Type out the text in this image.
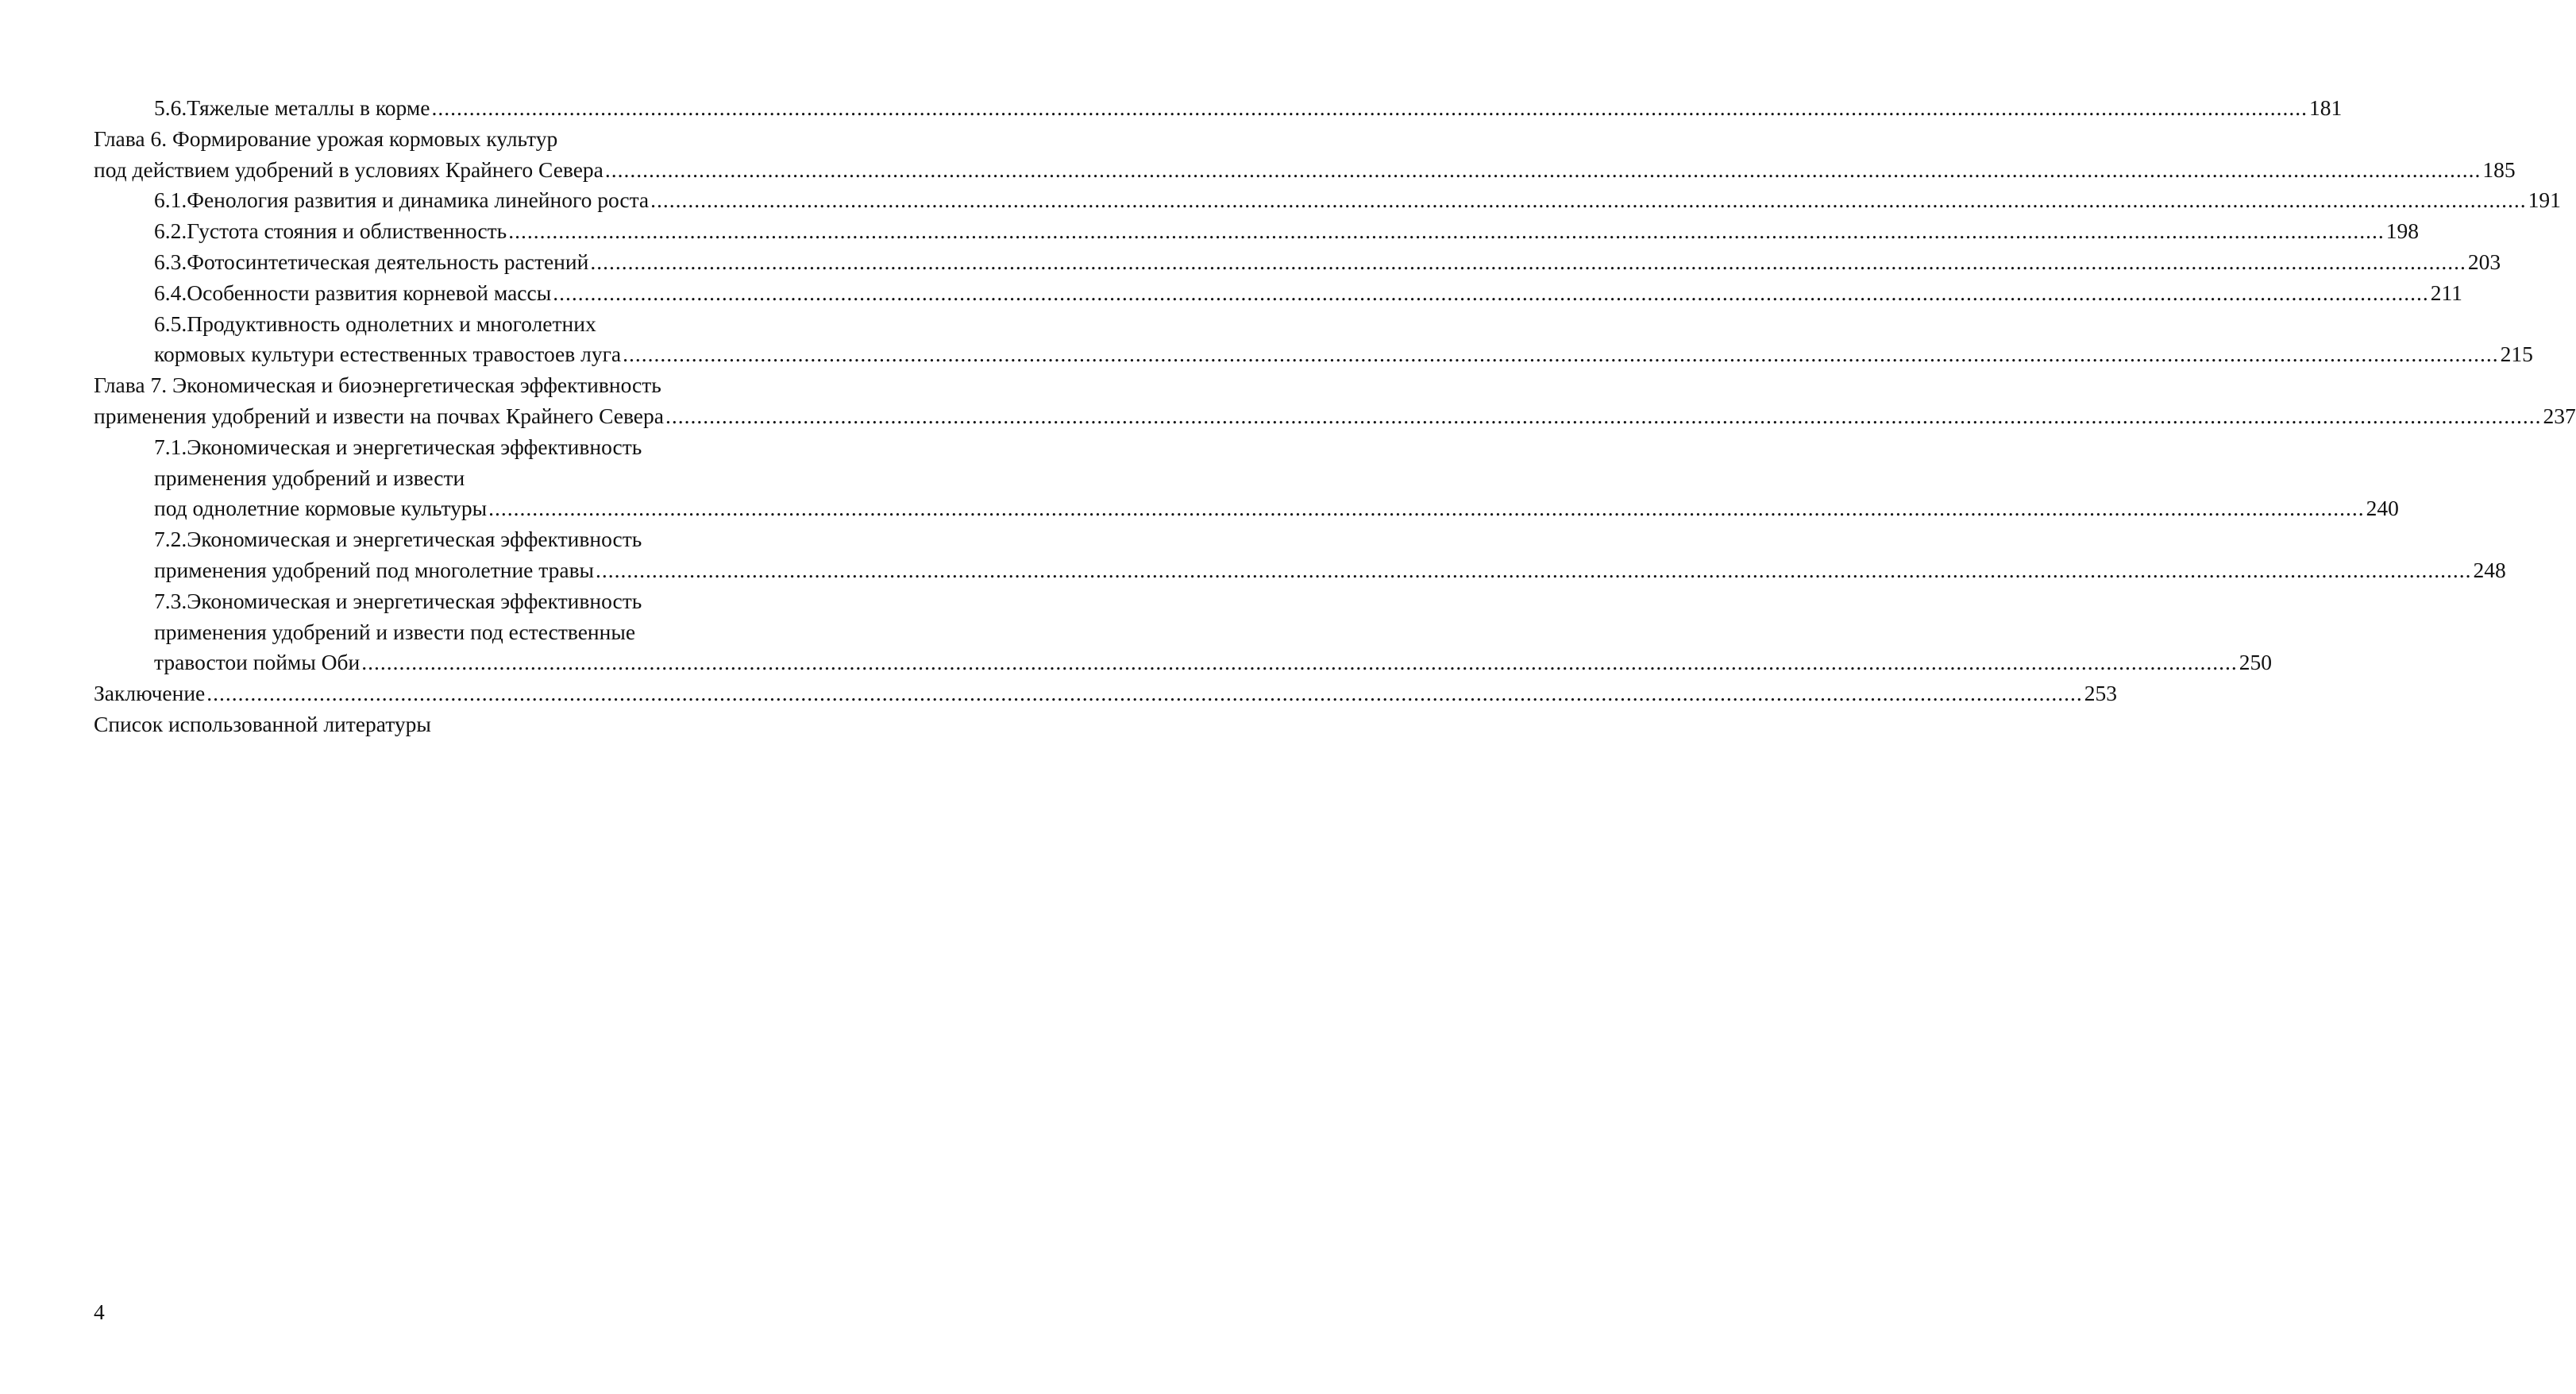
5.6.Тяжелые металлы в корме ............................................................................................................................................................................................................................................................................................................ 181
Глава 6. Формирование урожая кормовых культур
под действием удобрений в условиях Крайнего Севера ............................................................................................................................................................................................................................................................................................................ 185
6.1.Фенология развития и динамика линейного роста ............................................................................................................................................................................................................................................................................................................ 191
6.2.Густота стояния и облиственность ............................................................................................................................................................................................................................................................................................................ 198
6.3.Фотосинтетическая деятельность растений ............................................................................................................................................................................................................................................................................................................ 203
6.4.Особенности развития корневой массы ............................................................................................................................................................................................................................................................................................................ 211
6.5.Продуктивность однолетних и многолетних
кормовых культури естественных травостоев луга ............................................................................................................................................................................................................................................................................................................ 215
Глава 7. Экономическая и биоэнергетическая эффективность
применения удобрений и извести на почвах Крайнего Севера ............................................................................................................................................................................................................................................................................................................ 237
7.1.Экономическая и энергетическая эффективность
применения удобрений и извести
под однолетние кормовые культуры ............................................................................................................................................................................................................................................................................................................ 240
7.2.Экономическая и энергетическая эффективность
применения удобрений под многолетние травы ............................................................................................................................................................................................................................................................................................................ 248
7.3.Экономическая и энергетическая эффективность
применения удобрений и извести под естественные
травостои поймы Оби ............................................................................................................................................................................................................................................................................................................ 250
Заключение ............................................................................................................................................................................................................................................................................................................ 253
Список использованной литературы
4
